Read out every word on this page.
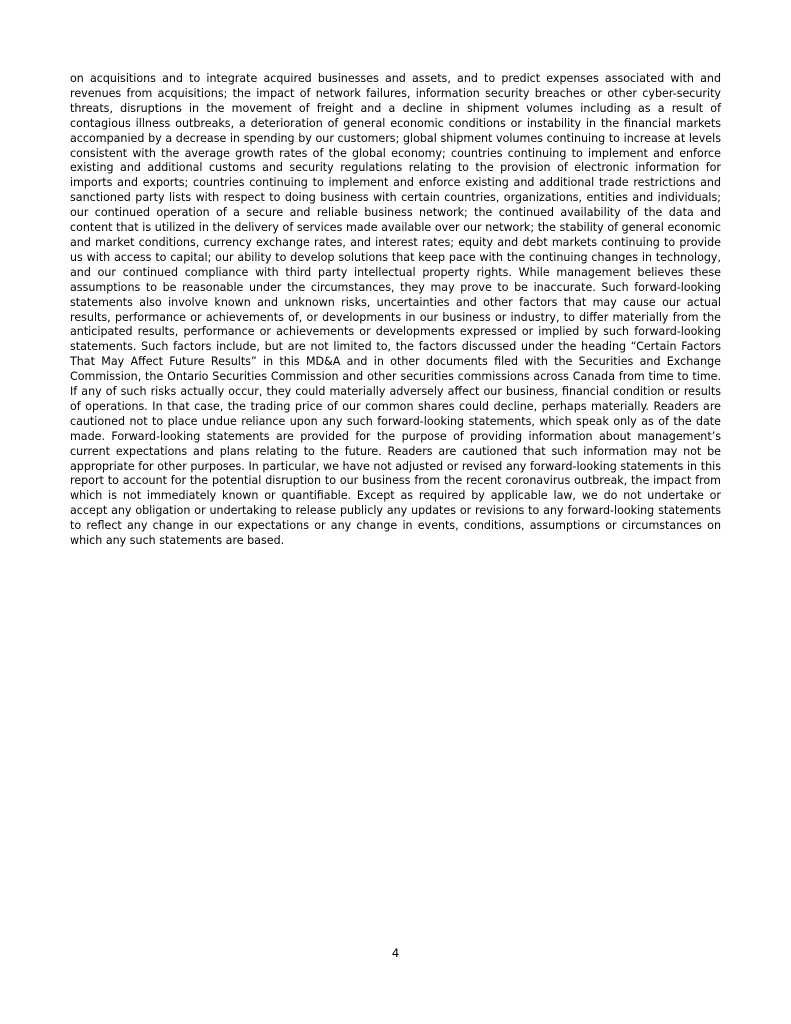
on acquisitions and to integrate acquired businesses and assets, and to predict expenses associated with and revenues from acquisitions; the impact of network failures, information security breaches or other cyber-security threats, disruptions in the movement of freight and a decline in shipment volumes including as a result of contagious illness outbreaks, a deterioration of general economic conditions or instability in the financial markets accompanied by a decrease in spending by our customers; global shipment volumes continuing to increase at levels consistent with the average growth rates of the global economy; countries continuing to implement and enforce existing and additional customs and security regulations relating to the provision of electronic information for imports and exports; countries continuing to implement and enforce existing and additional trade restrictions and sanctioned party lists with respect to doing business with certain countries, organizations, entities and individuals; our continued operation of a secure and reliable business network; the continued availability of the data and content that is utilized in the delivery of services made available over our network; the stability of general economic and market conditions, currency exchange rates, and interest rates; equity and debt markets continuing to provide us with access to capital; our ability to develop solutions that keep pace with the continuing changes in technology, and our continued compliance with third party intellectual property rights. While management believes these assumptions to be reasonable under the circumstances, they may prove to be inaccurate. Such forward-looking statements also involve known and unknown risks, uncertainties and other factors that may cause our actual results, performance or achievements of, or developments in our business or industry, to differ materially from the anticipated results, performance or achievements or developments expressed or implied by such forward-looking statements. Such factors include, but are not limited to, the factors discussed under the heading “Certain Factors That May Affect Future Results” in this MD&A and in other documents filed with the Securities and Exchange Commission, the Ontario Securities Commission and other securities commissions across Canada from time to time. If any of such risks actually occur, they could materially adversely affect our business, financial condition or results of operations. In that case, the trading price of our common shares could decline, perhaps materially. Readers are cautioned not to place undue reliance upon any such forward-looking statements, which speak only as of the date made. Forward-looking statements are provided for the purpose of providing information about management’s current expectations and plans relating to the future. Readers are cautioned that such information may not be appropriate for other purposes. In particular, we have not adjusted or revised any forward-looking statements in this report to account for the potential disruption to our business from the recent coronavirus outbreak, the impact from which is not immediately known or quantifiable. Except as required by applicable law, we do not undertake or accept any obligation or undertaking to release publicly any updates or revisions to any forward-looking statements to reflect any change in our expectations or any change in events, conditions, assumptions or circumstances on which any such statements are based.

4
